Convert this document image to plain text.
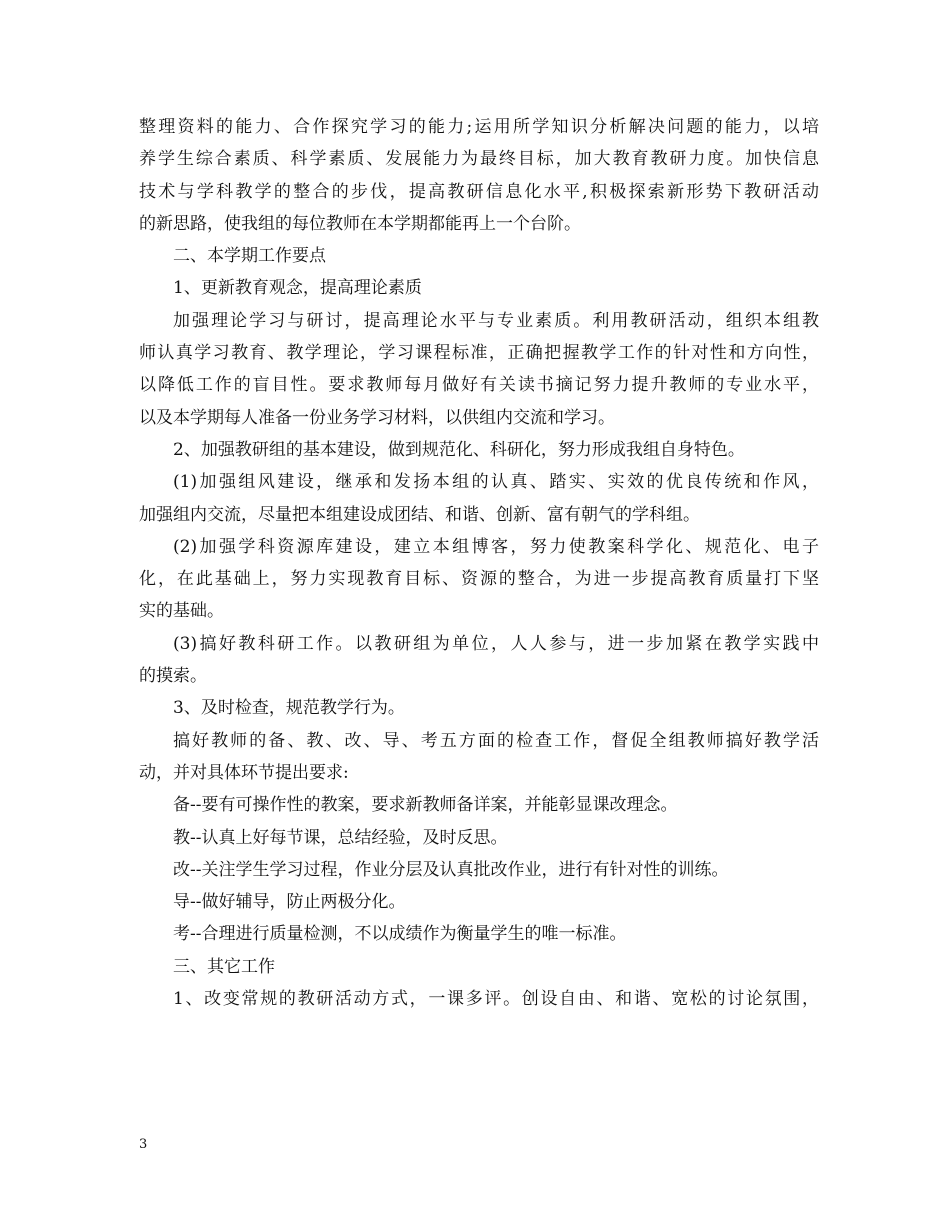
整理资料的能力、合作探究学习的能力;运用所学知识分析解决问题的能力，以培

养学生综合素质、科学素质、发展能力为最终目标，加大教育教研力度。加快信息

技术与学科教学的整合的步伐，提高教研信息化水平,积极探索新形势下教研活动

的新思路，使我组的每位教师在本学期都能再上一个台阶。

二、本学期工作要点

1、更新教育观念，提高理论素质

加强理论学习与研讨，提高理论水平与专业素质。利用教研活动，组织本组教

师认真学习教育、教学理论，学习课程标准，正确把握教学工作的针对性和方向性，

以降低工作的盲目性。要求教师每月做好有关读书摘记努力提升教师的专业水平，

以及本学期每人准备一份业务学习材料，以供组内交流和学习。

2、加强教研组的基本建设，做到规范化、科研化，努力形成我组自身特色。

(1)加强组风建设，继承和发扬本组的认真、踏实、实效的优良传统和作风，

加强组内交流，尽量把本组建设成团结、和谐、创新、富有朝气的学科组。

(2)加强学科资源库建设，建立本组博客，努力使教案科学化、规范化、电子

化，在此基础上，努力实现教育目标、资源的整合，为进一步提高教育质量打下坚

实的基础。

(3)搞好教科研工作。以教研组为单位，人人参与，进一步加紧在教学实践中

的摸索。

3、及时检查，规范教学行为。

搞好教师的备、教、改、导、考五方面的检查工作，督促全组教师搞好教学活

动，并对具体环节提出要求:

备--要有可操作性的教案，要求新教师备详案，并能彰显课改理念。

教--认真上好每节课，总结经验，及时反思。

改--关注学生学习过程，作业分层及认真批改作业，进行有针对性的训练。

导--做好辅导，防止两极分化。

考--合理进行质量检测，不以成绩作为衡量学生的唯一标准。

三、其它工作

1、改变常规的教研活动方式，一课多评。创设自由、和谐、宽松的讨论氛围，

3
